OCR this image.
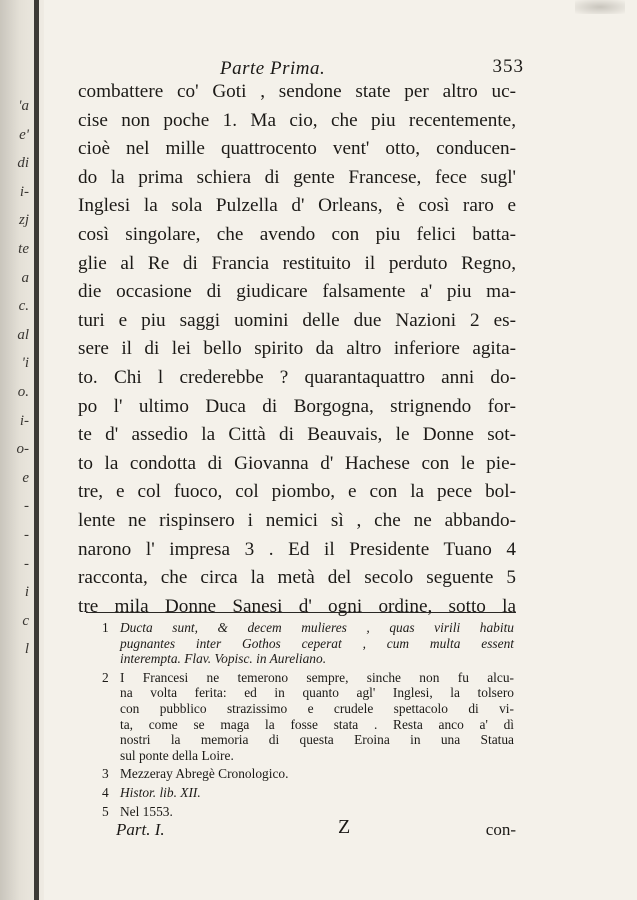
'a
e'
di
i-
zj
te
a
c.
al
'i
o.
i-
o-
e
-
-
-
i
c
l
Parte Prima.	353
combattere co' Goti , sendone state per altro uc-
cise non poche 1. Ma cio, che piu recentemente,
cioè nel mille quattrocento vent' otto, conducen-
do la prima schiera di gente Francese, fece sugl'
Inglesi la sola Pulzella d' Orleans, è così raro e
così singolare, che avendo con piu felici batta-
glie al Re di Francia restituito il perduto Regno,
die occasione di giudicare falsamente a' piu ma-
turi e piu saggi uomini delle due Nazioni 2 es-
sere il di lei bello spirito da altro inferiore agita-
to. Chi l crederebbe ? quarantaquattro anni do-
po l' ultimo Duca di Borgogna, strignendo for-
te d' assedio la Città di Beauvais, le Donne sot-
to la condotta di Giovanna d' Hachese con le pie-
tre, e col fuoco, col piombo, e con la pece bol-
lente ne rispinsero i nemici sì , che ne abbando-
narono l' impresa 3 . Ed il Presidente Tuano 4
racconta, che circa la metà del secolo seguente 5
tre mila Donne Sanesi d' ogni ordine, sotto la
1 Ducta sunt, & decem mulieres , quas virili habitu
pugnantes inter Gothos ceperat , cum multa essent
interempta. Flav. Vopisc. in Aureliano.
2 I Francesi ne temerono sempre, sinche non fu alcu-
na volta ferita: ed in quanto agl' Inglesi, la tolsero
con pubblico strazissimo e crudele spettacolo di vi-
ta, come se maga la fosse stata . Resta anco a' dì
nostri la memoria di questa Eroina in una Statua
sul ponte della Loire.
3 Mezzeray Abregè Cronologico.
4 Histor. lib. XII.
5 Nel 1553.
Part. I.	Z	con-
